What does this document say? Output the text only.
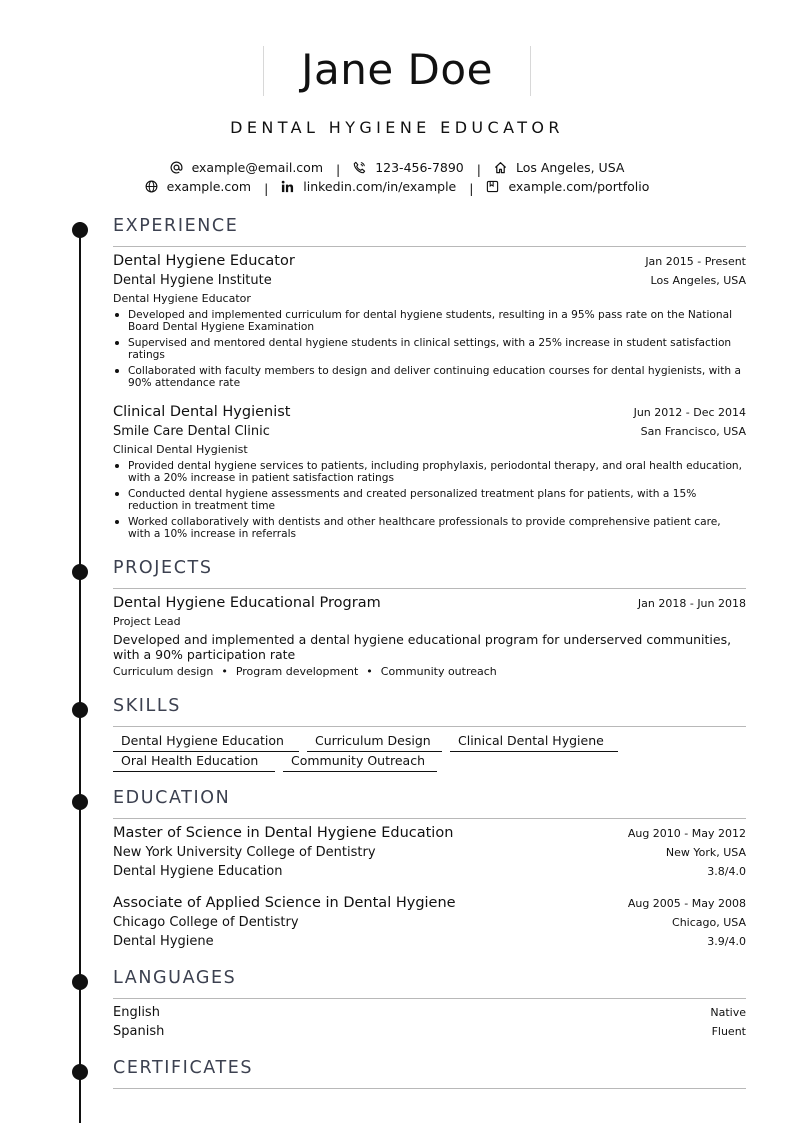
Jane Doe
DENTAL HYGIENE EDUCATOR
example@email.com |	123-456-7890 |	Los Angeles, USA
example.com |	linkedin.com/in/example |	example.com/portfolio
EXPERIENCE
Dental Hygiene Educator	Jan 2015 - Present
Dental Hygiene Institute	Los Angeles, USA
Dental Hygiene Educator
Developed and implemented curriculum for dental hygiene students, resulting in a 95% pass rate on the National Board Dental Hygiene Examination
Supervised and mentored dental hygiene students in clinical settings, with a 25% increase in student satisfaction ratings
Collaborated with faculty members to design and deliver continuing education courses for dental hygienists, with a 90% attendance rate
Clinical Dental Hygienist	Jun 2012 - Dec 2014
Smile Care Dental Clinic	San Francisco, USA
Clinical Dental Hygienist
Provided dental hygiene services to patients, including prophylaxis, periodontal therapy, and oral health education, with a 20% increase in patient satisfaction ratings
Conducted dental hygiene assessments and created personalized treatment plans for patients, with a 15% reduction in treatment time
Worked collaboratively with dentists and other healthcare professionals to provide comprehensive patient care, with a 10% increase in referrals
PROJECTS
Dental Hygiene Educational Program	Jan 2018 - Jun 2018
Project Lead
Developed and implemented a dental hygiene educational program for underserved communities, with a 90% participation rate
Curriculum design • Program development • Community outreach
SKILLS
Dental Hygiene Education	Curriculum Design	Clinical Dental Hygiene
Oral Health Education	Community Outreach
EDUCATION
Master of Science in Dental Hygiene Education	Aug 2010 - May 2012
New York University College of Dentistry	New York, USA
Dental Hygiene Education	3.8/4.0
Associate of Applied Science in Dental Hygiene	Aug 2005 - May 2008
Chicago College of Dentistry	Chicago, USA
Dental Hygiene	3.9/4.0
LANGUAGES
English	Native
Spanish	Fluent
CERTIFICATES
